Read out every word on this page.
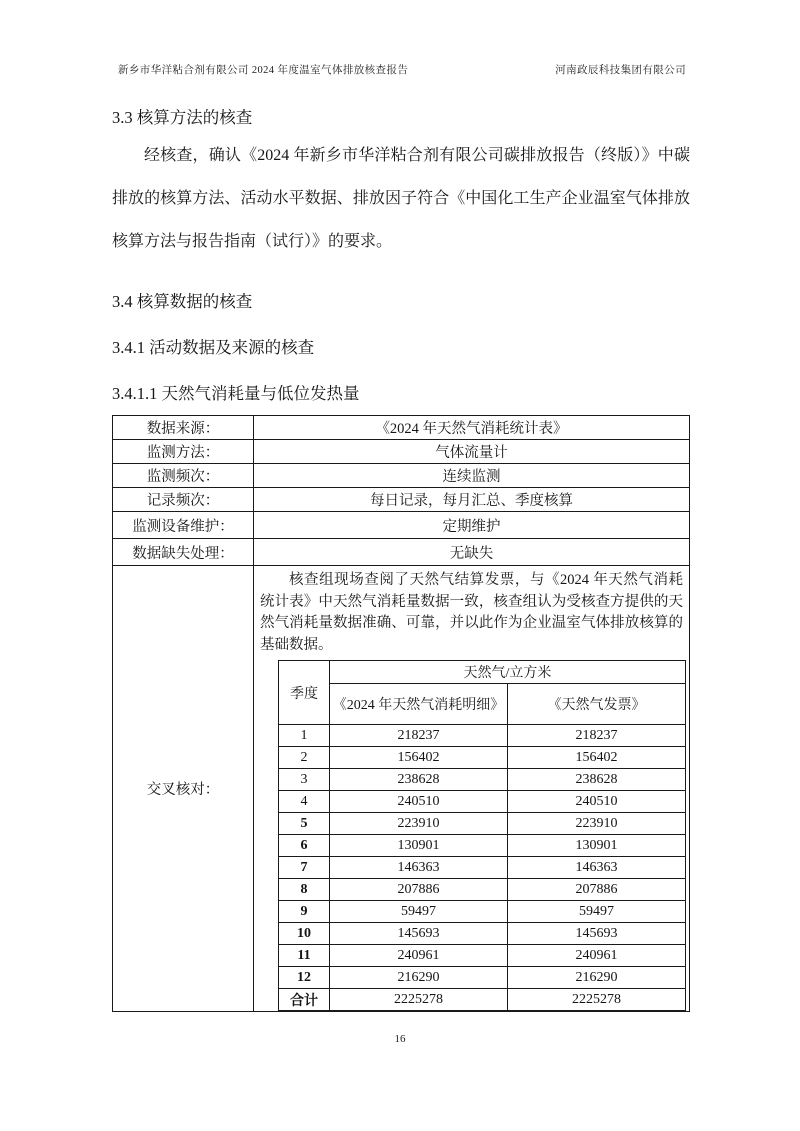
新乡市华洋粘合剂有限公司 2024 年度温室气体排放核查报告	河南政辰科技集团有限公司

3.3 核算方法的核查

经核查，确认《2024 年新乡市华洋粘合剂有限公司碳排放报告（终版）》中碳排放的核算方法、活动水平数据、排放因子符合《中国化工生产企业温室气体排放核算方法与报告指南（试行）》的要求。

3.4 核算数据的核查

3.4.1 活动数据及来源的核查

3.4.1.1 天然气消耗量与低位发热量

数据来源：	《2024 年天然气消耗统计表》
监测方法：	气体流量计
监测频次：	连续监测
记录频次：	每日记录，每月汇总、季度核算
监测设备维护：	定期维护
数据缺失处理：	无缺失
交叉核对：	

核查组现场查阅了天然气结算发票，与《2024 年天然气消耗统计表》中天然气消耗量数据一致，核查组认为受核查方提供的天然气消耗量数据准确、可靠，并以此作为企业温室气体排放核算的基础数据。

季度	天然气/立方米
《2024 年天然气消耗明细》	《天然气发票》
1	218237	218237
2	156402	156402
3	238628	238628
4	240510	240510
5	223910	223910
6	130901	130901
7	146363	146363
8	207886	207886
9	59497	59497
10	145693	145693
11	240961	240961
12	216290	216290
合计	2225278	2225278
16
